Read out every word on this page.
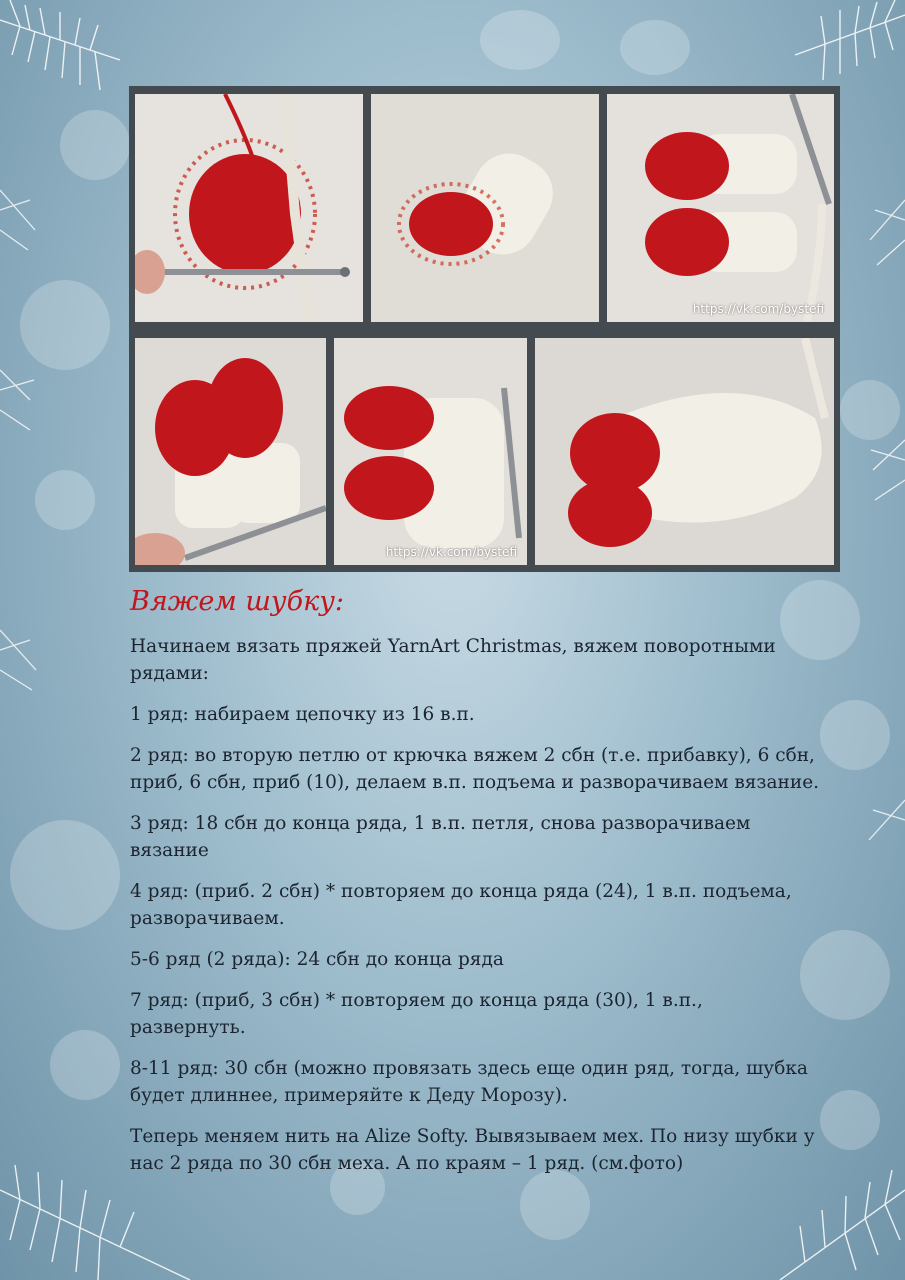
https://vk.com/bystefi
https://vk.com/bystefi
Вяжем шубку:

Начинаем вязать пряжей YarnArt Christmas, вяжем поворотными рядами:

1 ряд: набираем цепочку из 16 в.п.

2 ряд: во вторую петлю от крючка вяжем 2 сбн (т.е. прибавку), 6 сбн, приб, 6 сбн, приб (10), делаем в.п. подъема и разворачиваем вязание.

3 ряд: 18 сбн до конца ряда, 1 в.п. петля, снова разворачиваем вязание

4 ряд: (приб. 2 сбн) * повторяем до конца ряда (24), 1 в.п. подъема, разворачиваем.

5-6 ряд (2 ряда): 24 сбн до конца ряда

7 ряд: (приб, 3 сбн) * повторяем до конца ряда (30), 1 в.п., развернуть.

8-11 ряд: 30 сбн (можно провязать здесь еще один ряд, тогда, шубка будет длиннее, примеряйте к Деду Морозу).

Теперь меняем нить на Alize Softy. Вывязываем мех. По низу шубки у нас 2 ряда по 30 сбн меха. А по краям – 1 ряд. (см.фото)
